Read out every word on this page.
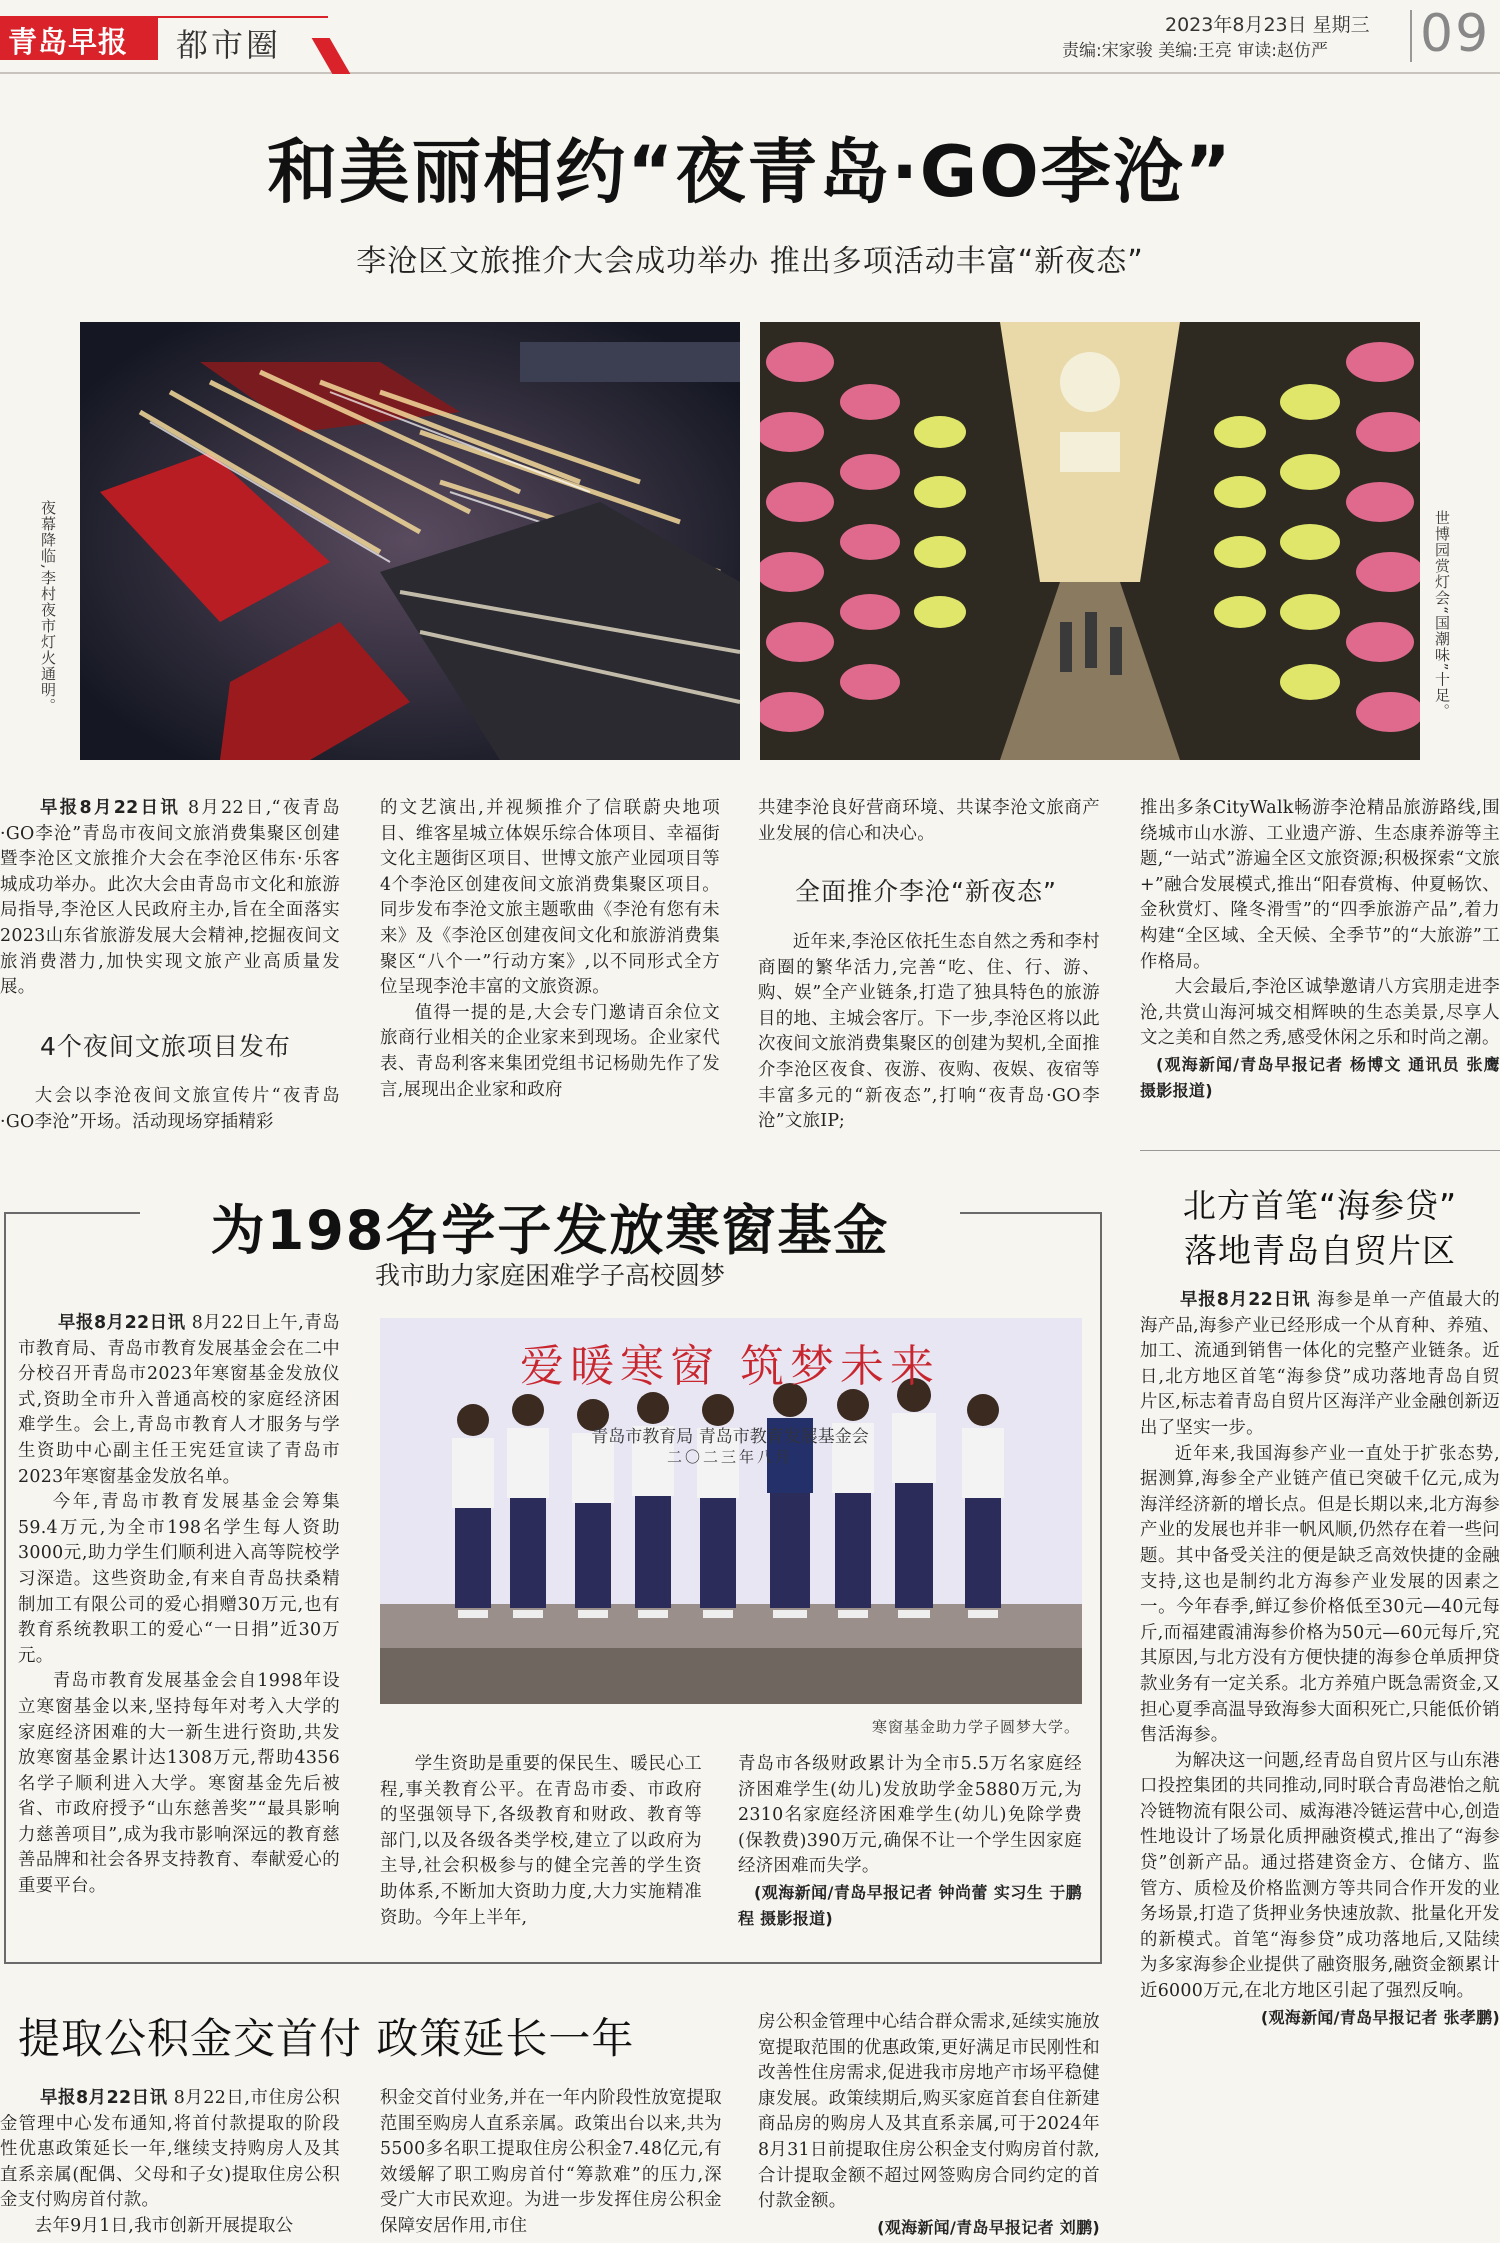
青岛早报	都市圈
2023年8月23日 星期三
责编:宋家骏 美编:王亮 审读:赵仿严 09
和美丽相约“夜青岛·GO李沧”
李沧区文旅推介大会成功举办 推出多项活动丰富“新夜态”
夜幕降临,李村夜市灯火通明。	世博园赏灯会“国潮味”十足。

早报8月22日讯 8月22日,“夜青岛·GO李沧”青岛市夜间文旅消费集聚区创建暨李沧区文旅推介大会在李沧区伟东·乐客城成功举办。此次大会由青岛市文化和旅游局指导,李沧区人民政府主办,旨在全面落实2023山东省旅游发展大会精神,挖掘夜间文旅消费潜力,加快实现文旅产业高质量发展。

4个夜间文旅项目发布

大会以李沧夜间文旅宣传片“夜青岛·GO李沧”开场。活动现场穿插精彩

的文艺演出,并视频推介了信联蔚央地项目、维客星城立体娱乐综合体项目、幸福街文化主题街区项目、世博文旅产业园项目等4个李沧区创建夜间文旅消费集聚区项目。同步发布李沧文旅主题歌曲《李沧有您有未来》及《李沧区创建夜间文化和旅游消费集聚区“八个一”行动方案》,以不同形式全方位呈现李沧丰富的文旅资源。

值得一提的是,大会专门邀请百余位文旅商行业相关的企业家来到现场。企业家代表、青岛利客来集团党组书记杨勋先作了发言,展现出企业家和政府

共建李沧良好营商环境、共谋李沧文旅商产业发展的信心和决心。

全面推介李沧“新夜态”

近年来,李沧区依托生态自然之秀和李村商圈的繁华活力,完善“吃、住、行、游、购、娱”全产业链条,打造了独具特色的旅游目的地、主城会客厅。下一步,李沧区将以此次夜间文旅消费集聚区的创建为契机,全面推介李沧区夜食、夜游、夜购、夜娱、夜宿等丰富多元的“新夜态”,打响“夜青岛·GO李沧”文旅IP;

推出多条CityWalk畅游李沧精品旅游路线,围绕城市山水游、工业遗产游、生态康养游等主题,“一站式”游遍全区文旅资源;积极探索“文旅+”融合发展模式,推出“阳春赏梅、仲夏畅饮、金秋赏灯、隆冬滑雪”的“四季旅游产品”,着力构建“全区域、全天候、全季节”的“大旅游”工作格局。

大会最后,李沧区诚挚邀请八方宾朋走进李沧,共赏山海河城交相辉映的生态美景,尽享人文之美和自然之秀,感受休闲之乐和时尚之潮。

(观海新闻/青岛早报记者 杨博文 通讯员 张鹰 摄影报道)

为198名学子发放寒窗基金
我市助力家庭困难学子高校圆梦

早报8月22日讯 8月22日上午,青岛市教育局、青岛市教育发展基金会在二中分校召开青岛市2023年寒窗基金发放仪式,资助全市升入普通高校的家庭经济困难学生。会上,青岛市教育人才服务与学生资助中心副主任王宪廷宣读了青岛市2023年寒窗基金发放名单。

今年,青岛市教育发展基金会筹集59.4万元,为全市198名学生每人资助3000元,助力学生们顺利进入高等院校学习深造。这些资助金,有来自青岛扶桑精制加工有限公司的爱心捐赠30万元,也有教育系统教职工的爱心“一日捐”近30万元。

青岛市教育发展基金会自1998年设立寒窗基金以来,坚持每年对考入大学的家庭经济困难的大一新生进行资助,共发放寒窗基金累计达1308万元,帮助4356名学子顺利进入大学。寒窗基金先后被省、市政府授予“山东慈善奖”“最具影响力慈善项目”,成为我市影响深远的教育慈善品牌和社会各界支持教育、奉献爱心的重要平台。

爱暖寒窗 筑梦未来
青岛市教育局 青岛市教育发展基金会
二〇二三年八月
寒窗基金助力学子圆梦大学。

学生资助是重要的保民生、暖民心工程,事关教育公平。在青岛市委、市政府的坚强领导下,各级教育和财政、教育等部门,以及各级各类学校,建立了以政府为主导,社会积极参与的健全完善的学生资助体系,不断加大资助力度,大力实施精准资助。今年上半年,

青岛市各级财政累计为全市5.5万名家庭经济困难学生(幼儿)发放助学金5880万元,为2310名家庭经济困难学生(幼儿)免除学费(保教费)390万元,确保不让一个学生因家庭经济困难而失学。

(观海新闻/青岛早报记者 钟尚蕾 实习生 于鹏程 摄影报道)

北方首笔“海参贷”
落地青岛自贸片区

早报8月22日讯 海参是单一产值最大的海产品,海参产业已经形成一个从育种、养殖、加工、流通到销售一体化的完整产业链条。近日,北方地区首笔“海参贷”成功落地青岛自贸片区,标志着青岛自贸片区海洋产业金融创新迈出了坚实一步。

近年来,我国海参产业一直处于扩张态势,据测算,海参全产业链产值已突破千亿元,成为海洋经济新的增长点。但是长期以来,北方海参产业的发展也并非一帆风顺,仍然存在着一些问题。其中备受关注的便是缺乏高效快捷的金融支持,这也是制约北方海参产业发展的因素之一。今年春季,鲜辽参价格低至30元—40元每斤,而福建霞浦海参价格为50元—60元每斤,究其原因,与北方没有方便快捷的海参仓单质押贷款业务有一定关系。北方养殖户既急需资金,又担心夏季高温导致海参大面积死亡,只能低价销售活海参。

为解决这一问题,经青岛自贸片区与山东港口投控集团的共同推动,同时联合青岛港怡之航冷链物流有限公司、威海港冷链运营中心,创造性地设计了场景化质押融资模式,推出了“海参贷”创新产品。通过搭建资金方、仓储方、监管方、质检及价格监测方等共同合作开发的业务场景,打造了货押业务快速放款、批量化开发的新模式。首笔“海参贷”成功落地后,又陆续为多家海参企业提供了融资服务,融资金额累计近6000万元,在北方地区引起了强烈反响。

(观海新闻/青岛早报记者 张孝鹏)

提取公积金交首付 政策延长一年

早报8月22日讯 8月22日,市住房公积金管理中心发布通知,将首付款提取的阶段性优惠政策延长一年,继续支持购房人及其直系亲属(配偶、父母和子女)提取住房公积金支付购房首付款。

去年9月1日,我市创新开展提取公

积金交首付业务,并在一年内阶段性放宽提取范围至购房人直系亲属。政策出台以来,共为5500多名职工提取住房公积金7.48亿元,有效缓解了职工购房首付“筹款难”的压力,深受广大市民欢迎。为进一步发挥住房公积金保障安居作用,市住

房公积金管理中心结合群众需求,延续实施放宽提取范围的优惠政策,更好满足市民刚性和改善性住房需求,促进我市房地产市场平稳健康发展。政策续期后,购买家庭首套自住新建商品房的购房人及其直系亲属,可于2024年8月31日前提取住房公积金支付购房首付款,合计提取金额不超过网签购房合同约定的首付款金额。

(观海新闻/青岛早报记者 刘鹏)
